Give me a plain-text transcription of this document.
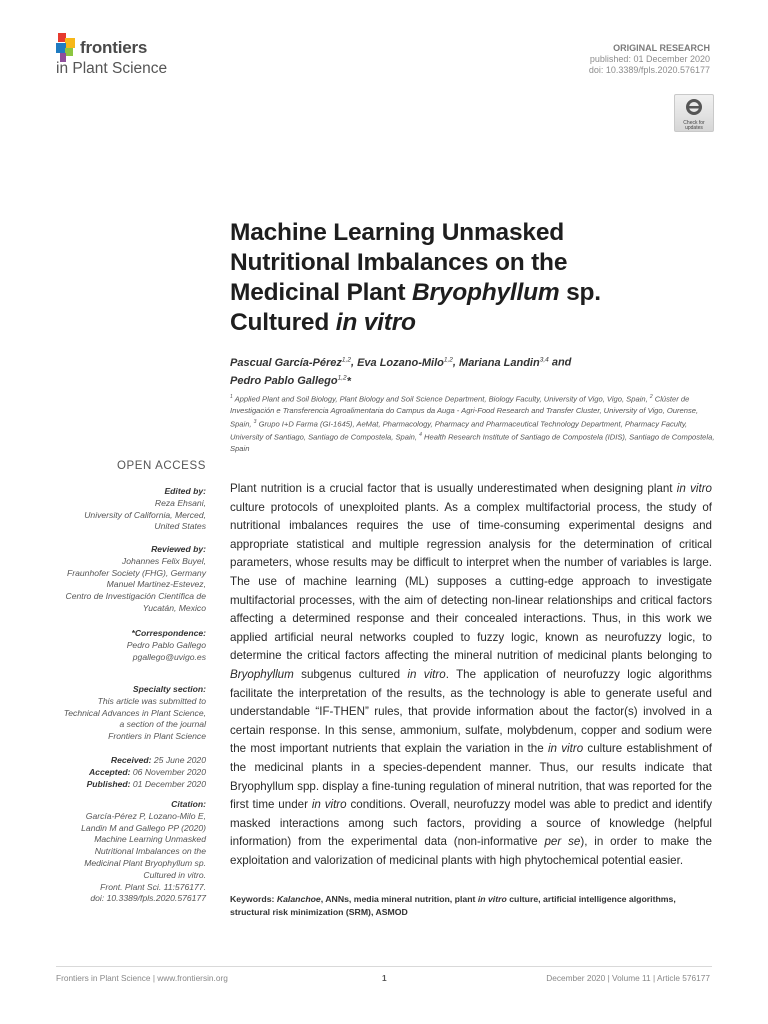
frontiers
in Plant Science
ORIGINAL RESEARCH
published: 01 December 2020
doi: 10.3389/fpls.2020.576177
Check for
updates
Machine Learning Unmasked
Nutritional Imbalances on the
Medicinal Plant Bryophyllum sp.
Cultured in vitro
Pascual García-Pérez$^{1,2}$, Eva Lozano-Milo$^{1,2}$, Mariana Landin$^{3,4}$ and
Pedro Pablo Gallego$^{1,2}$*
$^1$ Applied Plant and Soil Biology, Plant Biology and Soil Science Department, Biology Faculty, University of Vigo, Vigo, Spain, $^2$ Clúster de Investigación e Transferencia Agroalimentaria do Campus da Auga - Agri-Food Research and Transfer Cluster, University of Vigo, Ourense, Spain, $^3$ Grupo I+D Farma (GI-1645), AeMat, Pharmacology, Pharmacy and Pharmaceutical Technology Department, Pharmacy Faculty, University of Santiago, Santiago de Compostela, Spain, $^4$ Health Research Institute of Santiago de Compostela (IDIS), Santiago de Compostela, Spain
OPEN ACCESS

Edited by:

Reza Ehsani,

University of California, Merced,

United States

Reviewed by:

Johannes Felix Buyel,

Fraunhofer Society (FHG), Germany

Manuel Martinez-Estevez,

Centro de Investigación Científica de

Yucatán, Mexico

*Correspondence:

Pedro Pablo Gallego

pgallego@uvigo.es

Specialty section:

This article was submitted to

Technical Advances in Plant Science,

a section of the journal

Frontiers in Plant Science

Received: 25 June 2020

Accepted: 06 November 2020

Published: 01 December 2020

Citation:

García-Pérez P, Lozano-Milo E,

Landin M and Gallego PP (2020)

Machine Learning Unmasked

Nutritional Imbalances on the

Medicinal Plant Bryophyllum sp.

Cultured in vitro.

Front. Plant Sci. 11:576177.

doi: 10.3389/fpls.2020.576177

Plant nutrition is a crucial factor that is usually underestimated when designing plant in vitro culture protocols of unexploited plants. As a complex multifactorial process, the study of nutritional imbalances requires the use of time-consuming experimental designs and appropriate statistical and multiple regression analysis for the determination of critical parameters, whose results may be difficult to interpret when the number of variables is large. The use of machine learning (ML) supposes a cutting-edge approach to investigate multifactorial processes, with the aim of detecting non-linear relationships and critical factors affecting a determined response and their concealed interactions. Thus, in this work we applied artificial neural networks coupled to fuzzy logic, known as neurofuzzy logic, to determine the critical factors affecting the mineral nutrition of medicinal plants belonging to Bryophyllum subgenus cultured in vitro. The application of neurofuzzy logic algorithms facilitate the interpretation of the results, as the technology is able to generate useful and understandable “IF-THEN” rules, that provide information about the factor(s) involved in a certain response. In this sense, ammonium, sulfate, molybdenum, copper and sodium were the most important nutrients that explain the variation in the in vitro culture establishment of the medicinal plants in a species-dependent manner. Thus, our results indicate that Bryophyllum spp. display a fine-tuning regulation of mineral nutrition, that was reported for the first time under in vitro conditions. Overall, neurofuzzy model was able to predict and identify masked interactions among such factors, providing a source of knowledge (helpful information) from the experimental data (non-informative per se), in order to make the exploitation and valorization of medicinal plants with high phytochemical potential easier.
Keywords: Kalanchoe, ANNs, media mineral nutrition, plant in vitro culture, artificial intelligence algorithms, structural risk minimization (SRM), ASMOD
Frontiers in Plant Science | www.frontiersin.org	1	December 2020 | Volume 11 | Article 576177
